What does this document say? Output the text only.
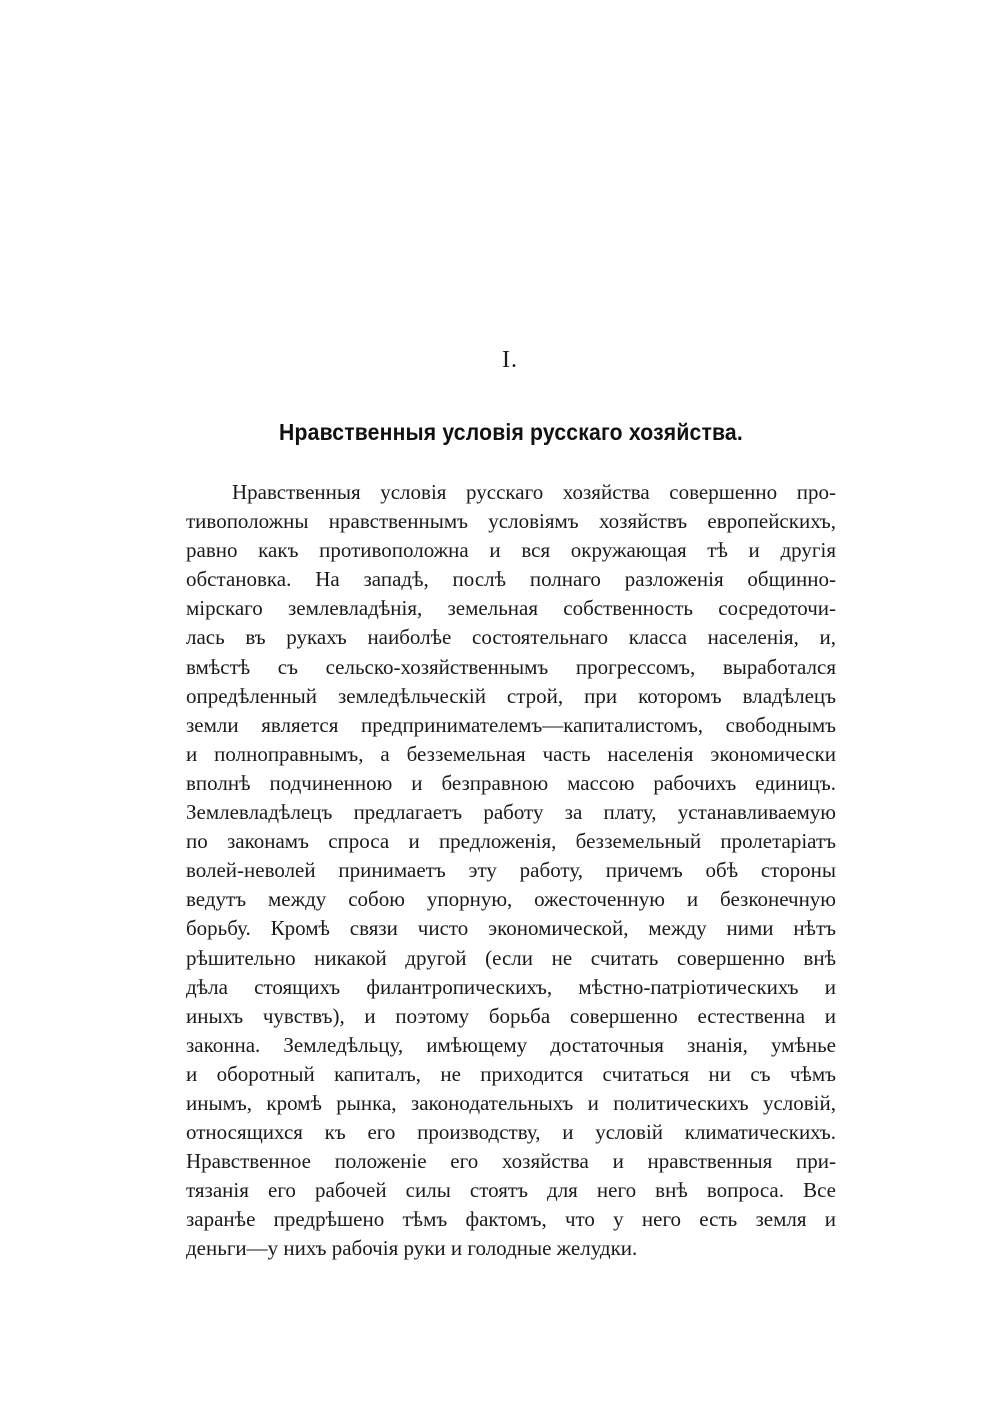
I.
Нравственныя условія русскаго хозяйства.
Нравственныя условія русскаго хозяйства совершенно про-
тивоположны нравственнымъ условіямъ хозяйствъ европейскихъ,
равно какъ противоположна и вся окружающая тѣ и другія
обстановка. На западѣ, послѣ полнаго разложенія общинно-
мірскаго землевладѣнія, земельная собственность сосредоточи-
лась въ рукахъ наиболѣе состоятельнаго класса населенія, и,
вмѣстѣ съ сельско-хозяйственнымъ прогрессомъ, выработался
опредѣленный земледѣльческій строй, при которомъ владѣлецъ
земли является предпринимателемъ—капиталистомъ, свободнымъ
и полноправнымъ, а безземельная часть населенія экономически
вполнѣ подчиненною и безправною массою рабочихъ единицъ.
Землевладѣлецъ предлагаетъ работу за плату, устанавливаемую
по законамъ спроса и предложенія, безземельный пролетаріатъ
волей-неволей принимаетъ эту работу, причемъ обѣ стороны
ведутъ между собою упорную, ожесточенную и безконечную
борьбу. Кромѣ связи чисто экономической, между ними нѣтъ
рѣшительно никакой другой (если не считать совершенно внѣ
дѣла стоящихъ филантропическихъ, мѣстно-патріотическихъ и
иныхъ чувствъ), и поэтому борьба совершенно естественна и
законна. Земледѣльцу, имѣющему достаточныя знанія, умѣнье
и оборотный капиталъ, не приходится считаться ни съ чѣмъ
инымъ, кромѣ рынка, законодательныхъ и политическихъ условій,
относящихся къ его производству, и условій климатическихъ.
Нравственное положеніе его хозяйства и нравственныя при-
тязанія его рабочей силы стоятъ для него внѣ вопроса. Все
заранѣе предрѣшено тѣмъ фактомъ, что у него есть земля и
деньги—у нихъ рабочія руки и голодные желудки.
